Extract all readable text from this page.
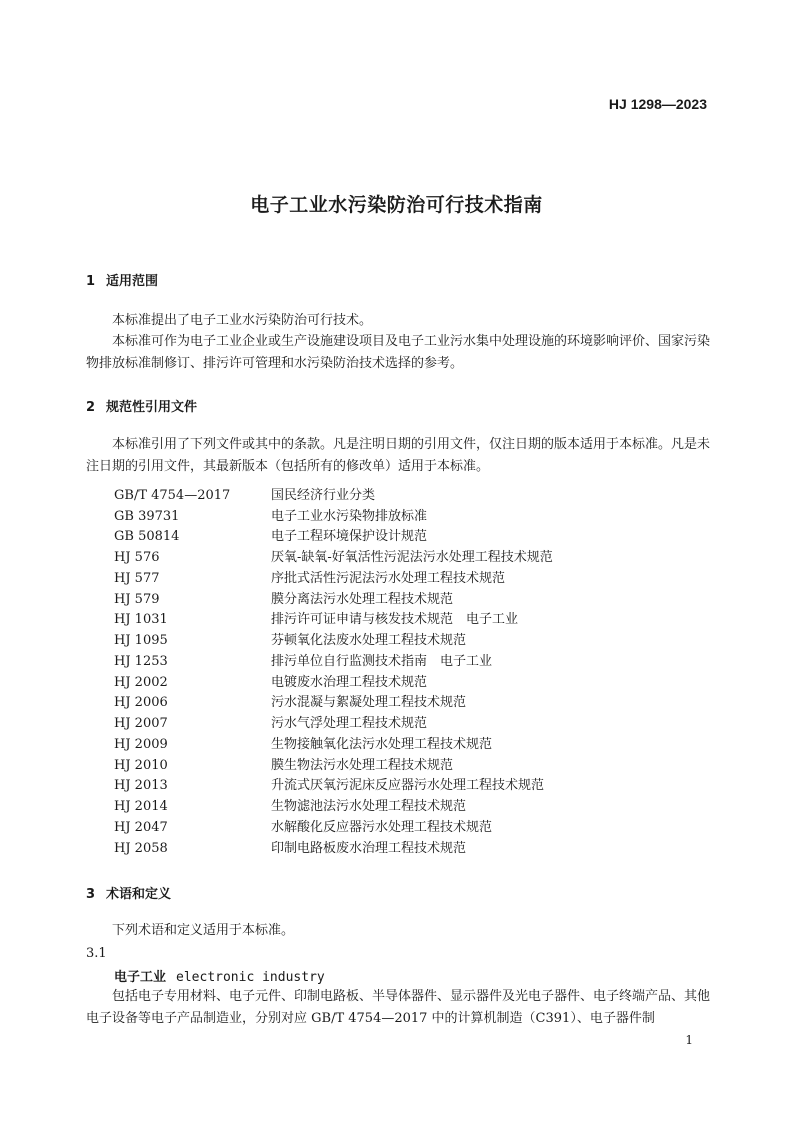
HJ 1298—2023
电子工业水污染防治可行技术指南
1 适用范围
本标准提出了电子工业水污染防治可行技术。
本标准可作为电子工业企业或生产设施建设项目及电子工业污水集中处理设施的环境影响评价、国家污染物排放标准制修订、排污许可管理和水污染防治技术选择的参考。
2 规范性引用文件
本标准引用了下列文件或其中的条款。凡是注明日期的引用文件，仅注日期的版本适用于本标准。凡是未注日期的引用文件，其最新版本（包括所有的修改单）适用于本标准。
GB/T 4754—2017	国民经济行业分类
GB 39731	电子工业水污染物排放标准
GB 50814	电子工程环境保护设计规范
HJ 576	厌氧-缺氧-好氧活性污泥法污水处理工程技术规范
HJ 577	序批式活性污泥法污水处理工程技术规范
HJ 579	膜分离法污水处理工程技术规范
HJ 1031	排污许可证申请与核发技术规范　电子工业
HJ 1095	芬顿氧化法废水处理工程技术规范
HJ 1253	排污单位自行监测技术指南　电子工业
HJ 2002	电镀废水治理工程技术规范
HJ 2006	污水混凝与絮凝处理工程技术规范
HJ 2007	污水气浮处理工程技术规范
HJ 2009	生物接触氧化法污水处理工程技术规范
HJ 2010	膜生物法污水处理工程技术规范
HJ 2013	升流式厌氧污泥床反应器污水处理工程技术规范
HJ 2014	生物滤池法污水处理工程技术规范
HJ 2047	水解酸化反应器污水处理工程技术规范
HJ 2058	印制电路板废水治理工程技术规范
3 术语和定义
下列术语和定义适用于本标准。
3.1
电子工业 electronic industry
包括电子专用材料、电子元件、印制电路板、半导体器件、显示器件及光电子器件、电子终端产品、其他电子设备等电子产品制造业，分别对应 GB/T 4754—2017 中的计算机制造（C391）、电子器件制
1
